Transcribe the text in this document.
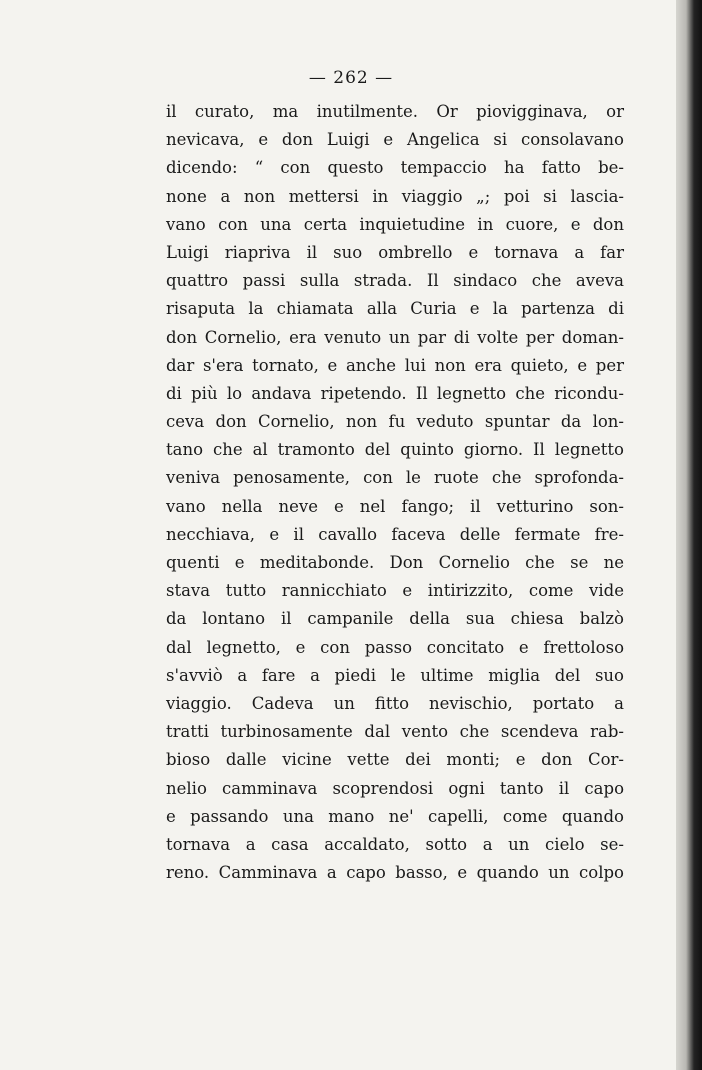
— 262 —
il curato, ma inutilmente. Or piovigginava, or
nevicava, e don Luigi e Angelica si consolavano
dicendo: “ con questo tempaccio ha fatto be-
none a non mettersi in viaggio „; poi si lascia-
vano con una certa inquietudine in cuore, e don
Luigi riapriva il suo ombrello e tornava a far
quattro passi sulla strada. Il sindaco che aveva
risaputa la chiamata alla Curia e la partenza di
don Cornelio, era venuto un par di volte per doman-
dar s'era tornato, e anche lui non era quieto, e per
di più lo andava ripetendo. Il legnetto che ricondu-
ceva don Cornelio, non fu veduto spuntar da lon-
tano che al tramonto del quinto giorno. Il legnetto
veniva penosamente, con le ruote che sprofonda-
vano nella neve e nel fango; il vetturino son-
necchiava, e il cavallo faceva delle fermate fre-
quenti e meditabonde. Don Cornelio che se ne
stava tutto rannicchiato e intirizzito, come vide
da lontano il campanile della sua chiesa balzò
dal legnetto, e con passo concitato e frettoloso
s'avviò a fare a piedi le ultime miglia del suo
viaggio. Cadeva un fitto nevischio, portato a
tratti turbinosamente dal vento che scendeva rab-
bioso dalle vicine vette dei monti; e don Cor-
nelio camminava scoprendosi ogni tanto il capo
e passando una mano ne' capelli, come quando
tornava a casa accaldato, sotto a un cielo se-
reno. Camminava a capo basso, e quando un colpo
